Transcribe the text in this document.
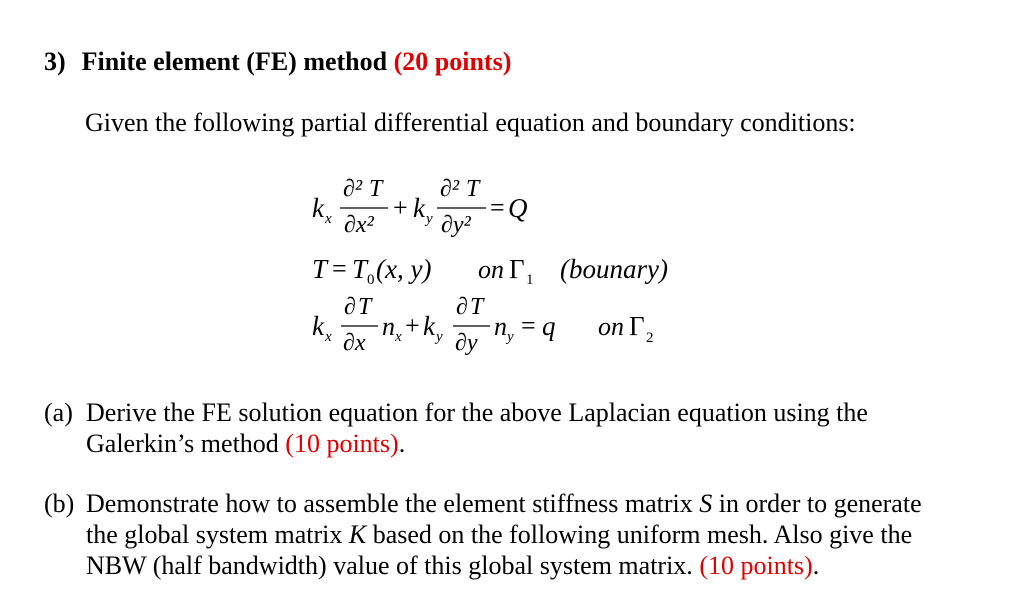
3) Finite element (FE) method (20 points)
Given the following partial differential equation and boundary conditions:
k x
∂² T
∂x²
+ k y
∂² T
∂y²
= Q
T = T 0 (x, y) on Γ 1 (bounary)
k x
∂ T
∂x
n x + k y
∂ T
∂y
n y = q on Γ 2
(a) Derive the FE solution equation for the above Laplacian equation using the
Galerkin’s method (10 points).
(b) Demonstrate how to assemble the element stiffness matrix S in order to generate
the global system matrix K based on the following uniform mesh. Also give the
NBW (half bandwidth) value of this global system matrix. (10 points).
